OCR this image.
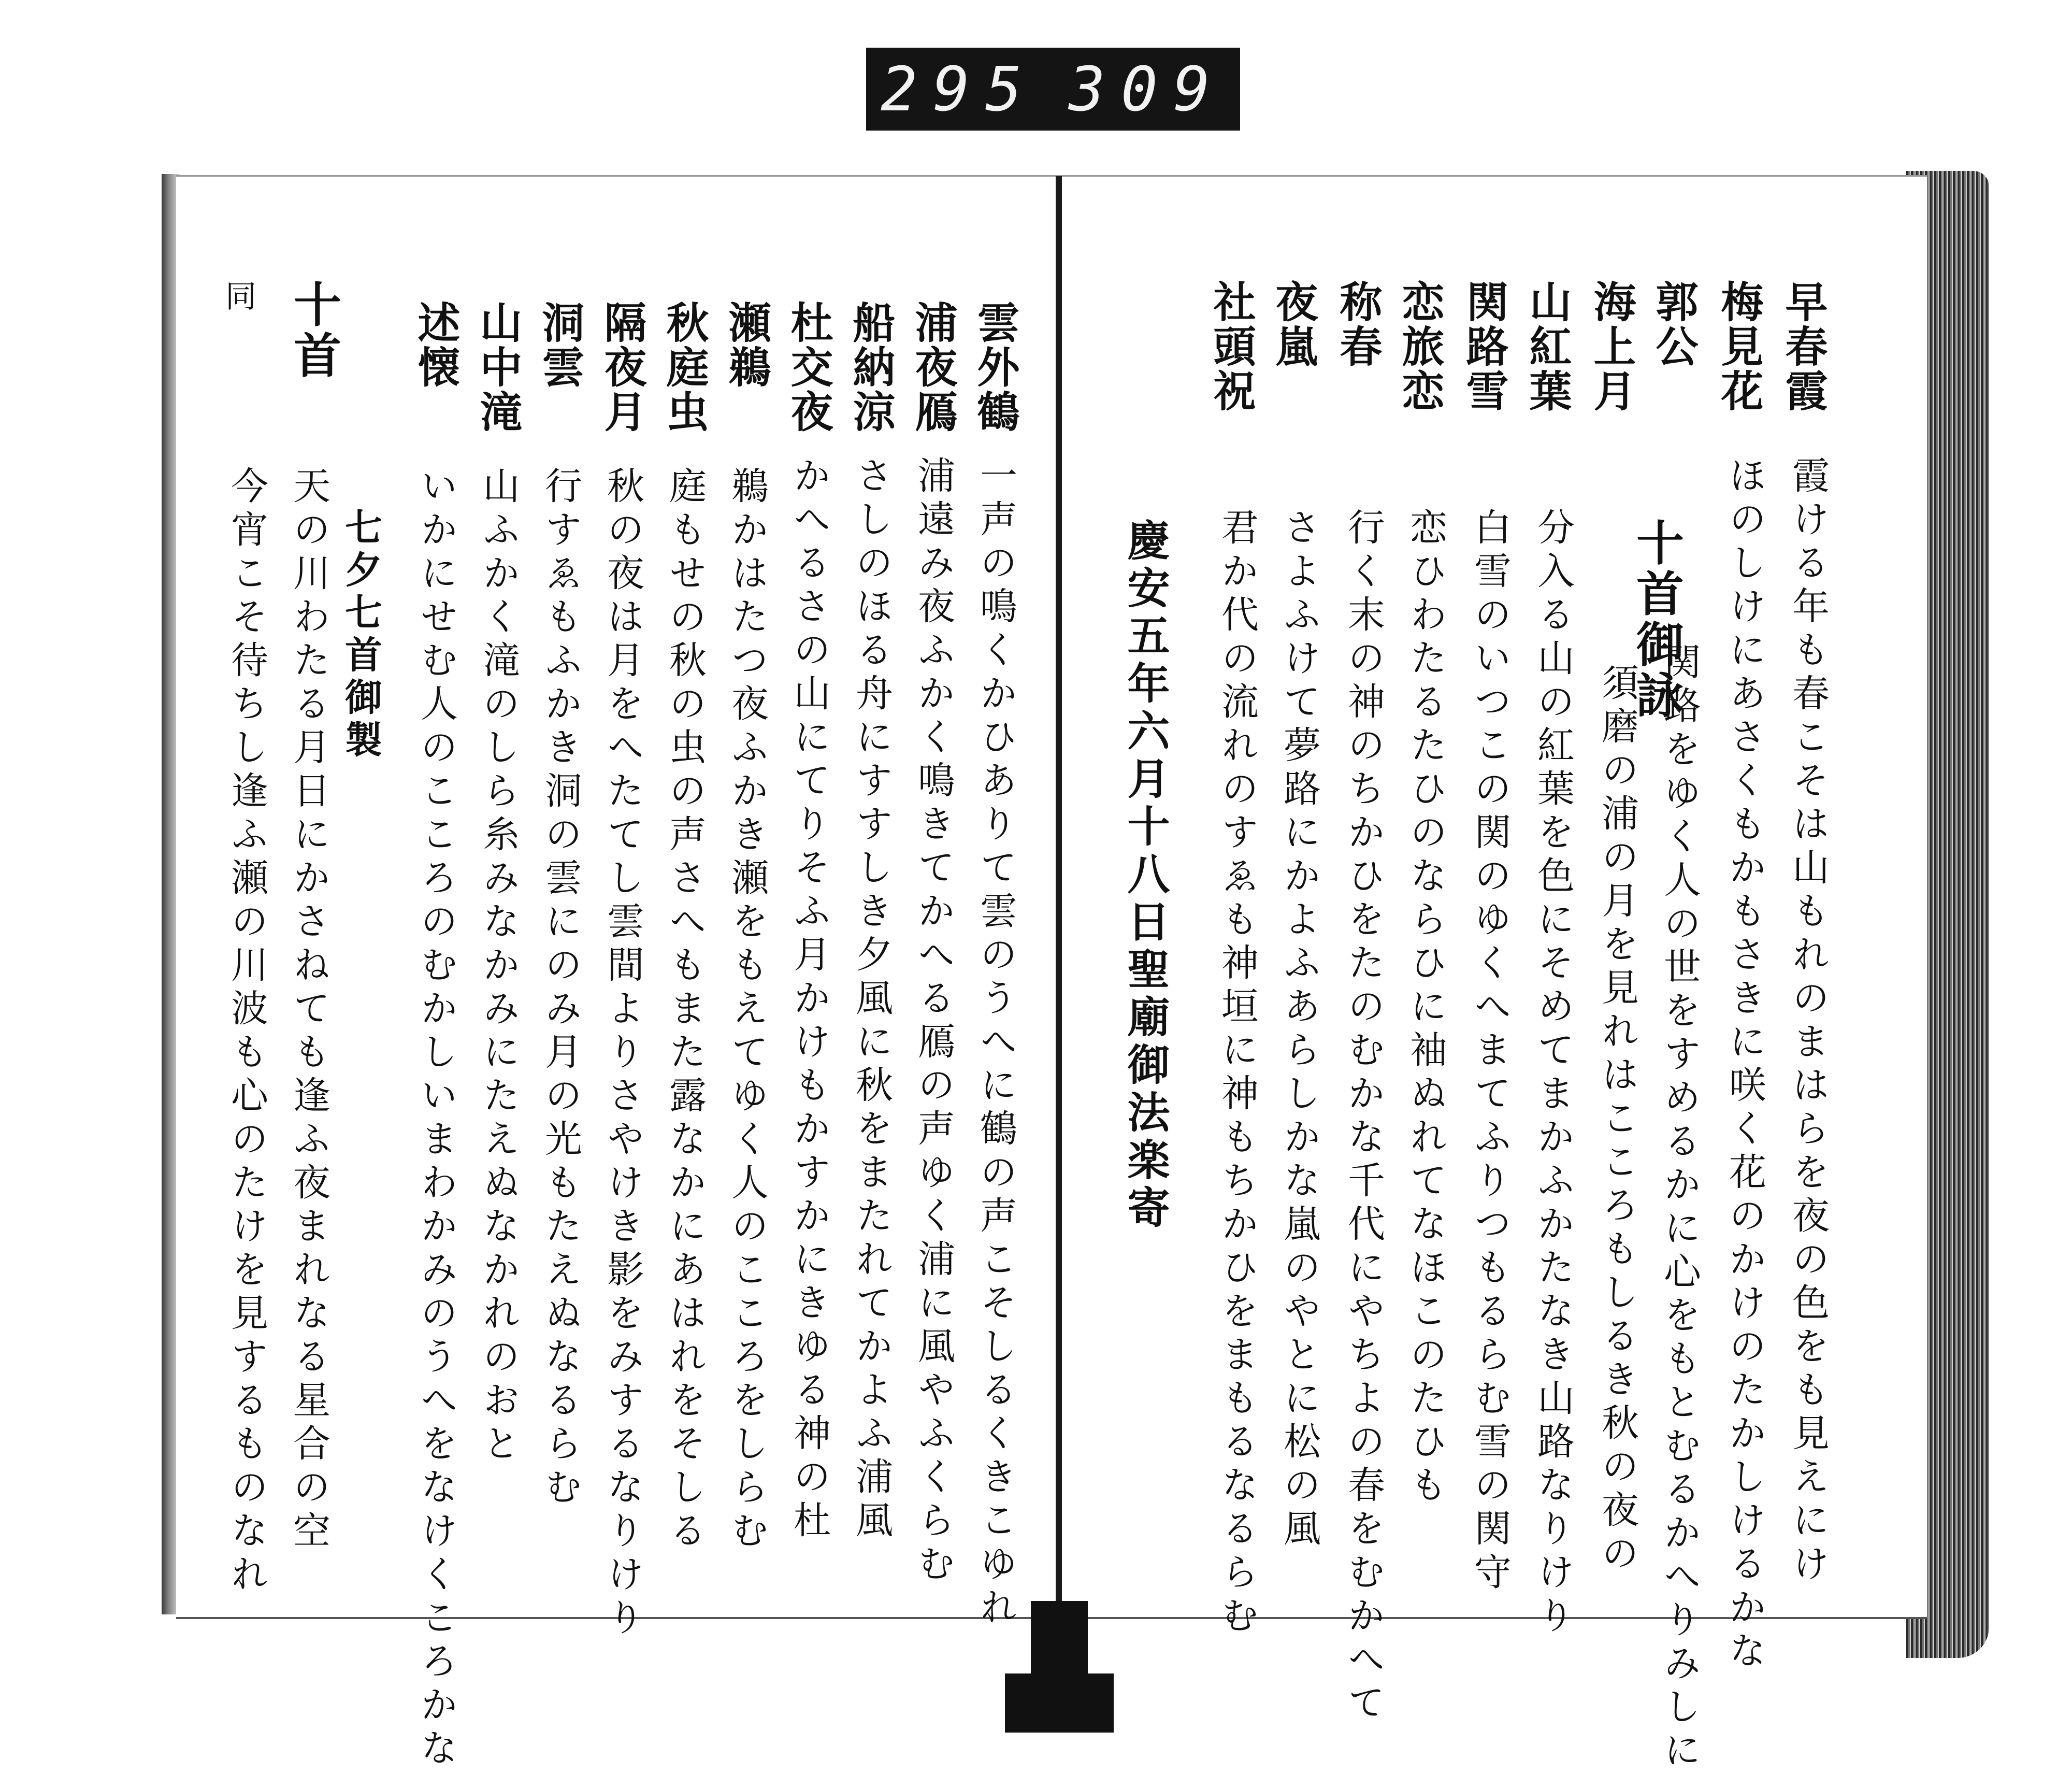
295 309
早春霞
梅見花
郭公
海上月
山紅葉
関路雪
恋旅恋
称春
夜嵐
社頭祝
十首御詠	霞ける年も春こそは山もれのまはらを夜の色をも見えにけ
ほのしけにあさくもかもさきに咲く花のかけのたかしけるかな
関路をゆく人の世をすめるかに心をもとむるかへりみしに
須磨の浦の月を見れはこころもしるき秋の夜の
分入る山の紅葉を色にそめてまかふかたなき山路なりけり
白雪のいつこの関のゆくへまてふりつもるらむ雪の関守
恋ひわたるたひのならひに袖ぬれてなほこのたひも
行く末の神のちかひをたのむかな千代にやちよの春をむかへて
さよふけて夢路にかよふあらしかな嵐のやとに松の風
君か代の流れのすゑも神垣に神もちかひをまもるなるらむ
慶安五年六月十八日聖廟御法楽寄
雲外鶴
浦夜鴈
船納涼
杜交夜
瀬鵜
秋庭虫
隔夜月
洞雲
山中滝
述懐
一声の鳴くかひありて雲のうへに鶴の声こそしるくきこゆれ
浦遠み夜ふかく鳴きてかへる鴈の声ゆく浦に風やふくらむ
さしのほる舟にすすしき夕風に秋をまたれてかよふ浦風
かへるさの山にてりそふ月かけもかすかにきゆる神の杜
鵜かはたつ夜ふかき瀬をもえてゆく人のこころをしらむ
庭もせの秋の虫の声さへもまた露なかにあはれをそしる
秋の夜は月をへたてし雲間よりさやけき影をみするなりけり
行すゑもふかき洞の雲にのみ月の光もたえぬなるらむ
山ふかく滝のしら糸みなかみにたえぬなかれのおと
いかにせむ人のこころのむかしいまわかみのうへをなけくころかな
十首
同
七夕七首御製
天の川わたる月日にかさねても逢ふ夜まれなる星合の空
今宵こそ待ちし逢ふ瀬の川波も心のたけを見するものなれ
